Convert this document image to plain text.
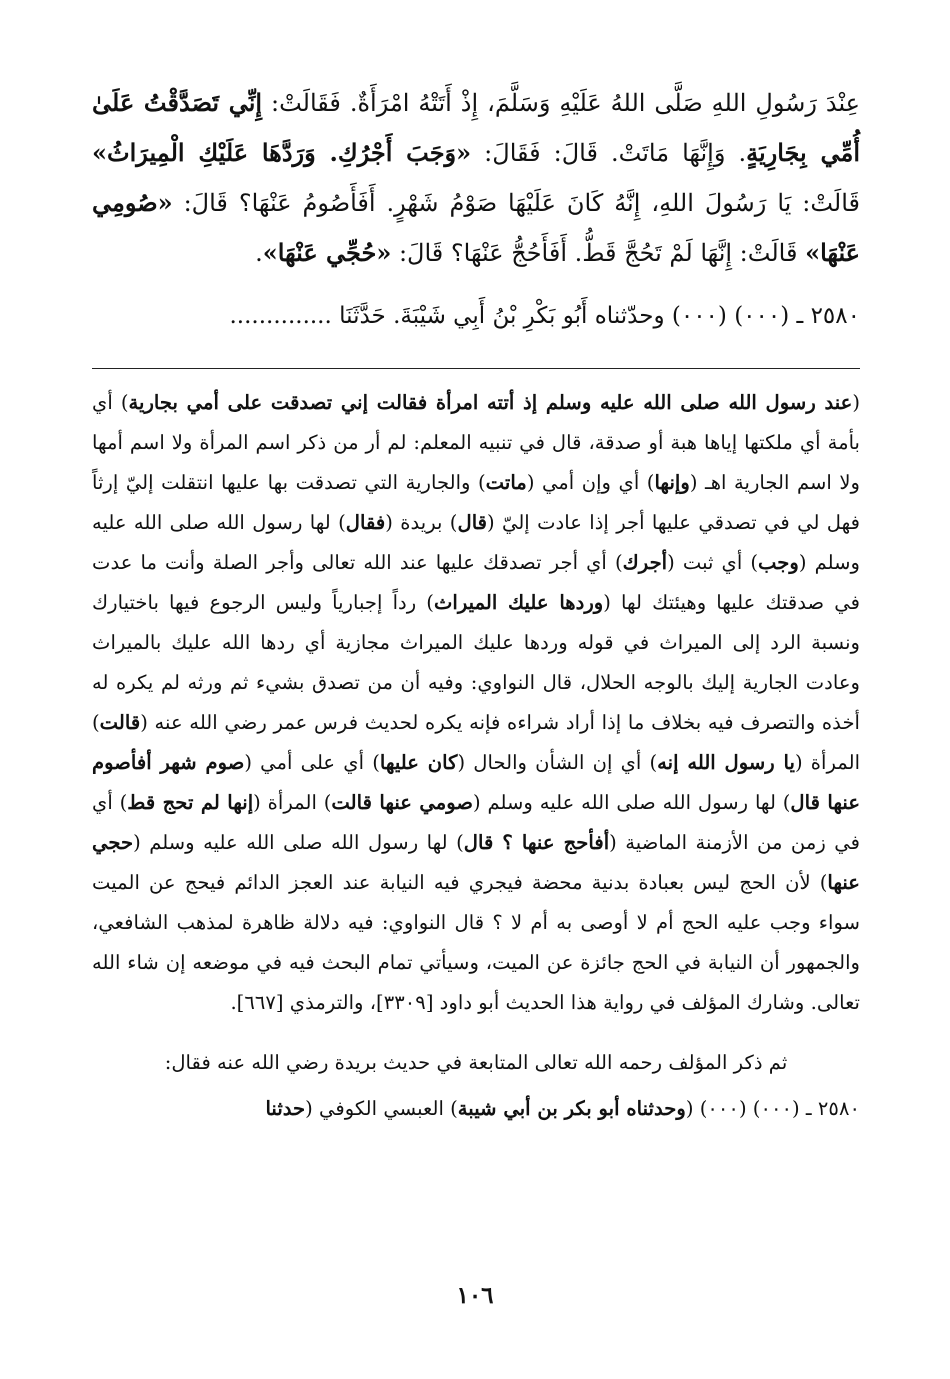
عِنْدَ رَسُولِ اللهِ صَلَّى اللهُ عَلَيْهِ وَسَلَّمَ، إِذْ أَتَتْهُ امْرَأَةٌ. فَقَالَتْ: إِنِّي تَصَدَّقْتُ عَلَىٰ أُمِّي بِجَارِيَةٍ. وَإِنَّهَا مَاتَتْ. قَالَ: فَقَالَ: «وَجَبَ أَجْرُكِ. وَرَدَّهَا عَلَيْكِ الْمِيرَاثُ» قَالَتْ: يَا رَسُولَ اللهِ، إِنَّهُ كَانَ عَلَيْهَا صَوْمُ شَهْرٍ. أَفَأَصُومُ عَنْهَا؟ قَالَ: «صُومِي عَنْهَا» قَالَتْ: إِنَّهَا لَمْ تَحُجَّ قَطُّ. أَفَأَحُجُّ عَنْهَا؟ قَالَ: «حُجِّي عَنْهَا».

٢٥٨٠ ـ (٠٠٠) (٠٠٠) وحدّثناه أَبُو بَكْرِ بْنُ أَبِي شَيْبَةَ. حَدَّثَنَا ..............

(عند رسول الله صلى الله عليه وسلم إذ أتته امرأة فقالت إني تصدقت على أمي بجارية) أي بأمة أي ملكتها إياها هبة أو صدقة، قال في تنبيه المعلم: لم أر من ذكر اسم المرأة ولا اسم أمها ولا اسم الجارية اهـ (وإنها) أي وإن أمي (ماتت) والجارية التي تصدقت بها عليها انتقلت إليّ إرثاً فهل لي في تصدقي عليها أجر إذا عادت إليّ (قال) بريدة (فقال) لها رسول الله صلى الله عليه وسلم (وجب) أي ثبت (أجرك) أي أجر تصدقك عليها عند الله تعالى وأجر الصلة وأنت ما عدت في صدقتك عليها وهيئتك لها (وردها عليك الميراث) رداً إجبارياً وليس الرجوع فيها باختيارك ونسبة الرد إلى الميراث في قوله وردها عليك الميراث مجازية أي ردها الله عليك بالميراث وعادت الجارية إليك بالوجه الحلال، قال النواوي: وفيه أن من تصدق بشيء ثم ورثه لم يكره له أخذه والتصرف فيه بخلاف ما إذا أراد شراءه فإنه يكره لحديث فرس عمر رضي الله عنه (قالت) المرأة (يا رسول الله إنه) أي إن الشأن والحال (كان عليها) أي على أمي (صوم شهر أفأصوم عنها قال) لها رسول الله صلى الله عليه وسلم (صومي عنها قالت) المرأة (إنها لم تحج قط) أي في زمن من الأزمنة الماضية (أفأحج عنها ؟ قال) لها رسول الله صلى الله عليه وسلم (حجي عنها) لأن الحج ليس بعبادة بدنية محضة فيجري فيه النيابة عند العجز الدائم فيحج عن الميت سواء وجب عليه الحج أم لا أوصى به أم لا ؟ قال النواوي: فيه دلالة ظاهرة لمذهب الشافعي، والجمهور أن النيابة في الحج جائزة عن الميت، وسيأتي تمام البحث فيه في موضعه إن شاء الله تعالى. وشارك المؤلف في رواية هذا الحديث أبو داود [٣٣٠٩]، والترمذي [٦٦٧].

ثم ذكر المؤلف رحمه الله تعالى المتابعة في حديث بريدة رضي الله عنه فقال:

٢٥٨٠ ـ (٠٠٠) (٠٠٠) (وحدثناه أبو بكر بن أبي شيبة) العبسي الكوفي (حدثنا

١٠٦
